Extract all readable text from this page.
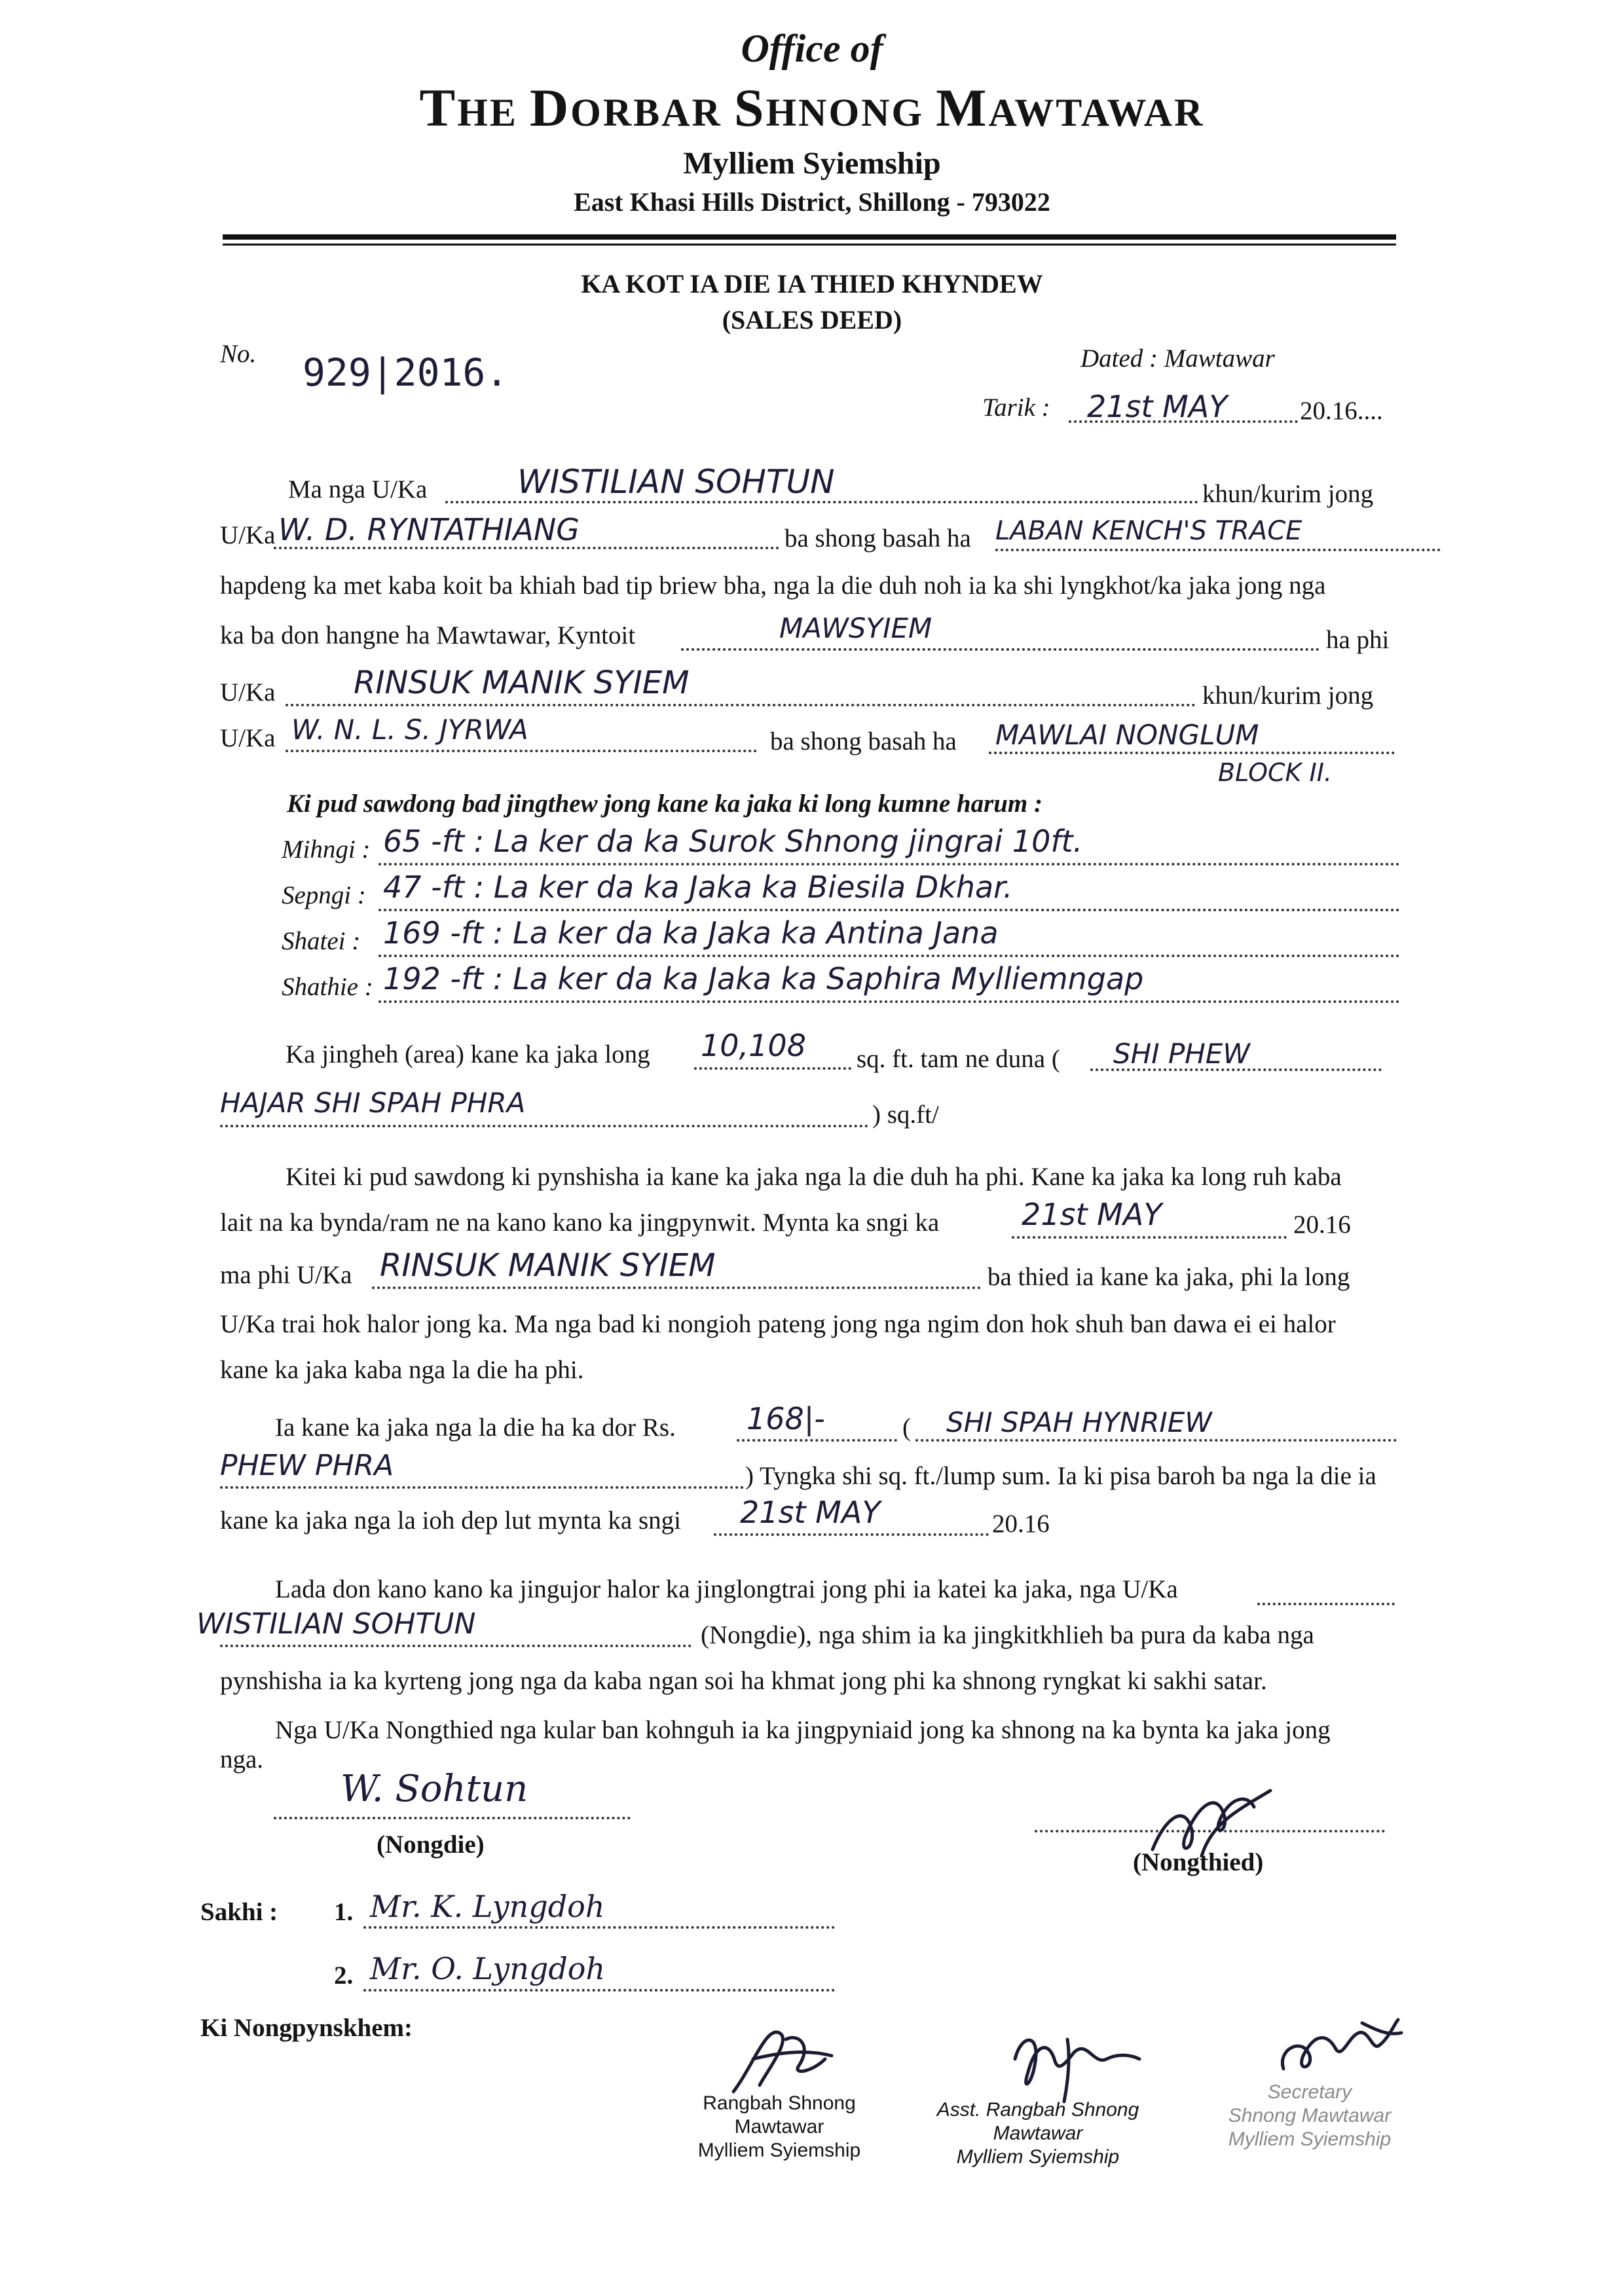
Office of
THE DORBAR SHNONG MAWTAWAR
Mylliem Syiemship
East Khasi Hills District, Shillong - 793022
KA KOT IA DIE IA THIED KHYNDEW
(SALES DEED)
No. 929|2016.	Dated : Mawtawar
Tarik : 21st MAY	20.16....
Ma nga U/Ka	WISTILIAN SOHTUN	khun/kurim jong
U/Ka W. D. RYNTATHIANG	ba shong basah ha LABAN KENCH'S TRACE
hapdeng ka met kaba koit ba khiah bad tip briew bha, nga la die duh noh ia ka shi lyngkhot/ka jaka jong nga
ka ba don hangne ha Mawtawar, Kyntoit	MAWSYIEM	ha phi
U/Ka RINSUK MANIK SYIEM	khun/kurim jong
U/Ka W. N. L. S. JYRWA	ba shong basah ha MAWLAI NONGLUM
BLOCK II.
Ki pud sawdong bad jingthew jong kane ka jaka ki long kumne harum :
Mihngi : 65 -ft : La ker da ka Surok Shnong jingrai 10ft.
Sepngi : 47 -ft : La ker da ka Jaka ka Biesila Dkhar.
Shatei : 169 -ft : La ker da ka Jaka ka Antina Jana
Shathie : 192 -ft : La ker da ka Jaka ka Saphira Mylliemngap
Ka jingheh (area) kane ka jaka long 10,108 sq. ft. tam ne duna ( SHI PHEW
HAJAR SHI SPAH PHRA	) sq.ft/
Kitei ki pud sawdong ki pynshisha ia kane ka jaka nga la die duh ha phi. Kane ka jaka ka long ruh kaba
lait na ka bynda/ram ne na kano kano ka jingpynwit. Mynta ka sngi ka	21st MAY	20.16
ma phi U/Ka RINSUK MANIK SYIEM	ba thied ia kane ka jaka, phi la long
U/Ka trai hok halor jong ka. Ma nga bad ki nongioh pateng jong nga ngim don hok shuh ban dawa ei ei halor
kane ka jaka kaba nga la die ha phi.
Ia kane ka jaka nga la die ha ka dor Rs. 168|-	( SHI SPAH HYNRIEW
PHEW PHRA	) Tyngka shi sq. ft./lump sum. Ia ki pisa baroh ba nga la die ia
kane ka jaka nga la ioh dep lut mynta ka sngi 21st MAY	20.16
Lada don kano kano ka jingujor halor ka jinglongtrai jong phi ia katei ka jaka, nga U/Ka
WISTILIAN SOHTUN	(Nongdie), nga shim ia ka jingkitkhlieh ba pura da kaba nga
pynshisha ia ka kyrteng jong nga da kaba ngan soi ha khmat jong phi ka shnong ryngkat ki sakhi satar.
Nga U/Ka Nongthied nga kular ban kohnguh ia ka jingpyniaid jong ka shnong na ka bynta ka jaka jong
nga.
W. Sohtun
(Nongdie)
(Nongthied)
Sakhi : 1. Mr. K. Lyngdoh
2. Mr. O. Lyngdoh
Ki Nongpynskhem:
Rangbah Shnong
Mawtawar
Mylliem Syiemship
Asst. Rangbah Shnong
Mawtawar
Mylliem Syiemship
Secretary
Shnong Mawtawar
Mylliem Syiemship
